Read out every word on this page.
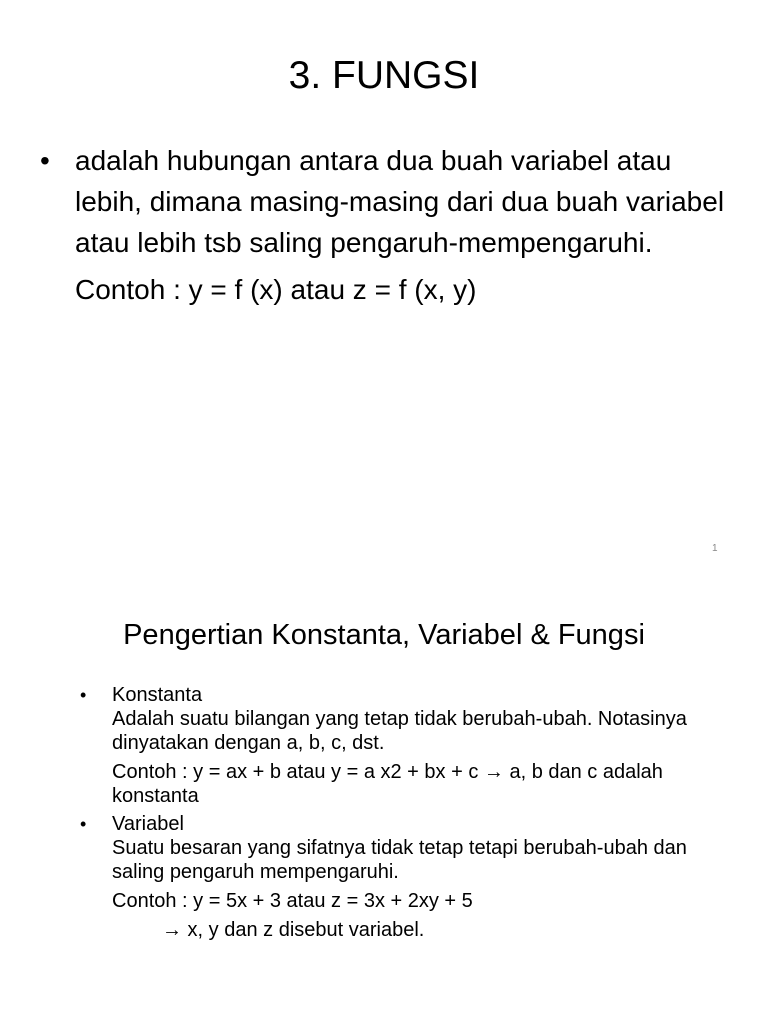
3. FUNGSI
• adalah hubungan antara dua buah variabel atau lebih, dimana masing-masing dari dua buah variabel atau lebih tsb saling pengaruh-mempengaruhi.
Contoh : y = f (x) atau z = f (x, y)
1
Pengertian Konstanta, Variabel & Fungsi
•	Konstanta
Adalah suatu bilangan yang tetap tidak berubah-ubah. Notasinya dinyatakan dengan a, b, c, dst.
Contoh : y = ax + b atau y = a x2 + bx + c → a, b dan c adalah konstanta
•	Variabel
Suatu besaran yang sifatnya tidak tetap tetapi berubah-ubah dan saling pengaruh mempengaruhi.
Contoh : y = 5x + 3 atau z = 3x + 2xy + 5
→ x, y dan z disebut variabel.
